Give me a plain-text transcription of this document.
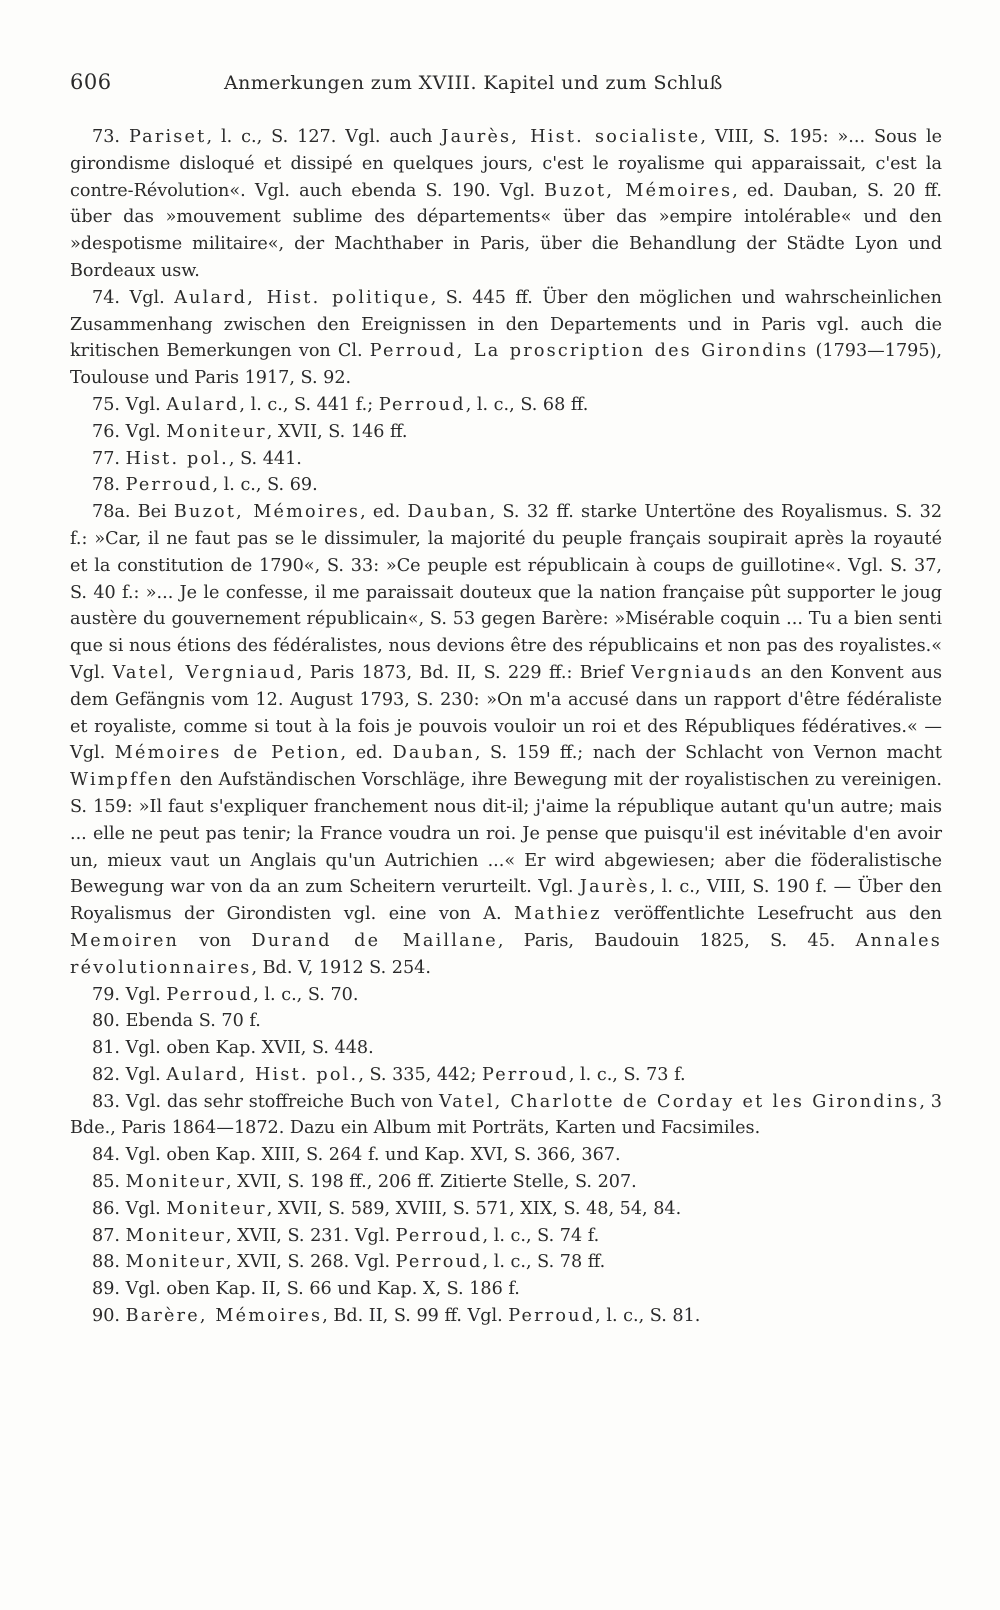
606	Anmerkungen zum XVIII. Kapitel und zum Schluß

73. Pariset, l. c., S. 127. Vgl. auch Jaurès, Hist. socialiste, VIII, S. 195: »... Sous le girondisme disloqué et dissipé en quelques jours, c'est le royalisme qui apparaissait, c'est la contre-Révolution«. Vgl. auch ebenda S. 190. Vgl. Buzot, Mémoires, ed. Dauban, S. 20 ff. über das »mouvement sublime des départements« über das »empire intolérable« und den »despotisme militaire«, der Machthaber in Paris, über die Behandlung der Städte Lyon und Bordeaux usw.

74. Vgl. Aulard, Hist. politique, S. 445 ff. Über den möglichen und wahrscheinlichen Zusammenhang zwischen den Ereignissen in den Departements und in Paris vgl. auch die kritischen Bemerkungen von Cl. Perroud, La proscription des Girondins (1793—1795), Toulouse und Paris 1917, S. 92.

75. Vgl. Aulard, l. c., S. 441 f.; Perroud, l. c., S. 68 ff.

76. Vgl. Moniteur, XVII, S. 146 ff.

77. Hist. pol., S. 441.

78. Perroud, l. c., S. 69.

78a. Bei Buzot, Mémoires, ed. Dauban, S. 32 ff. starke Untertöne des Royalismus. S. 32 f.: »Car, il ne faut pas se le dissimuler, la majorité du peuple français soupirait après la royauté et la constitution de 1790«, S. 33: »Ce peuple est républicain à coups de guillotine«. Vgl. S. 37, S. 40 f.: »... Je le confesse, il me paraissait douteux que la nation française pût supporter le joug austère du gouvernement républicain«, S. 53 gegen Barère: »Misérable coquin ... Tu a bien senti que si nous étions des fédéralistes, nous devions être des républicains et non pas des royalistes.« Vgl. Vatel, Vergniaud, Paris 1873, Bd. II, S. 229 ff.: Brief Vergniauds an den Konvent aus dem Gefängnis vom 12. August 1793, S. 230: »On m'a accusé dans un rapport d'être fédéraliste et royaliste, comme si tout à la fois je pouvois vouloir un roi et des Républiques fédératives.« — Vgl. Mémoires de Petion, ed. Dauban, S. 159 ff.; nach der Schlacht von Vernon macht Wimpffen den Aufständischen Vorschläge, ihre Bewegung mit der royalistischen zu vereinigen. S. 159: »Il faut s'expliquer franchement nous dit-il; j'aime la république autant qu'un autre; mais ... elle ne peut pas tenir; la France voudra un roi. Je pense que puisqu'il est inévitable d'en avoir un, mieux vaut un Anglais qu'un Autrichien ...« Er wird abgewiesen; aber die föderalistische Bewegung war von da an zum Scheitern verurteilt. Vgl. Jaurès, l. c., VIII, S. 190 f. — Über den Royalismus der Girondisten vgl. eine von A. Mathiez veröffentlichte Lesefrucht aus den Memoiren von Durand de Maillane, Paris, Baudouin 1825, S. 45. Annales révolutionnaires, Bd. V, 1912 S. 254.

79. Vgl. Perroud, l. c., S. 70.

80. Ebenda S. 70 f.

81. Vgl. oben Kap. XVII, S. 448.

82. Vgl. Aulard, Hist. pol., S. 335, 442; Perroud, l. c., S. 73 f.

83. Vgl. das sehr stoffreiche Buch von Vatel, Charlotte de Corday et les Girondins, 3 Bde., Paris 1864—1872. Dazu ein Album mit Porträts, Karten und Facsimiles.

84. Vgl. oben Kap. XIII, S. 264 f. und Kap. XVI, S. 366, 367.

85. Moniteur, XVII, S. 198 ff., 206 ff. Zitierte Stelle, S. 207.

86. Vgl. Moniteur, XVII, S. 589, XVIII, S. 571, XIX, S. 48, 54, 84.

87. Moniteur, XVII, S. 231. Vgl. Perroud, l. c., S. 74 f.

88. Moniteur, XVII, S. 268. Vgl. Perroud, l. c., S. 78 ff.

89. Vgl. oben Kap. II, S. 66 und Kap. X, S. 186 f.

90. Barère, Mémoires, Bd. II, S. 99 ff. Vgl. Perroud, l. c., S. 81.
